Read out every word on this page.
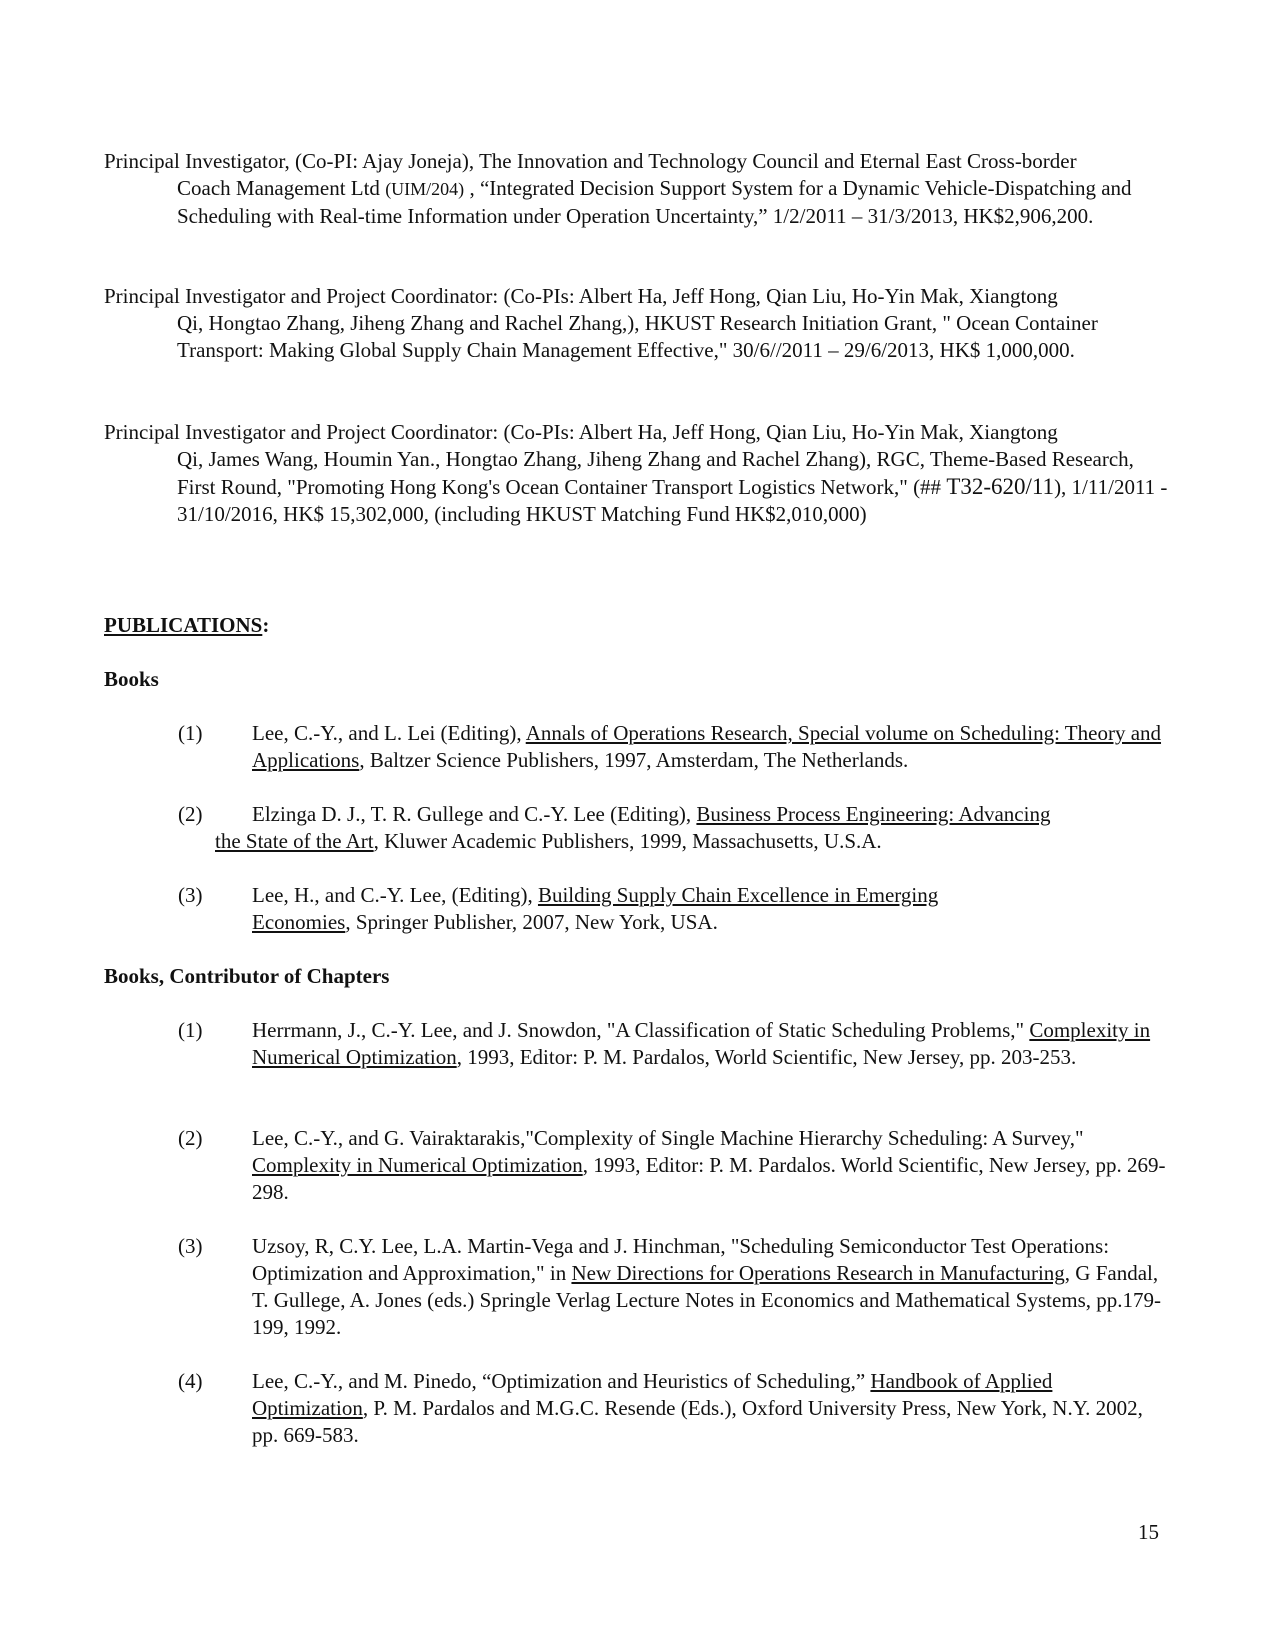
Principal Investigator, (Co-PI: Ajay Joneja), The Innovation and Technology Council and Eternal East Cross-border
Coach Management Ltd (UIM/204) , “Integrated Decision Support System for a Dynamic Vehicle-Dispatching and Scheduling with Real-time Information under Operation Uncertainty,” 1/2/2011 – 31/3/2013, HK$2,906,200.

Principal Investigator and Project Coordinator: (Co-PIs: Albert Ha, Jeff Hong, Qian Liu, Ho-Yin Mak, Xiangtong
Qi, Hongtao Zhang, Jiheng Zhang and Rachel Zhang,), HKUST Research Initiation Grant, " Ocean Container Transport: Making Global Supply Chain Management Effective," 30/6//2011 – 29/6/2013, HK$ 1,000,000.

Principal Investigator and Project Coordinator: (Co-PIs: Albert Ha, Jeff Hong, Qian Liu, Ho-Yin Mak, Xiangtong
Qi, James Wang, Houmin Yan., Hongtao Zhang, Jiheng Zhang and Rachel Zhang), RGC, Theme-Based Research, First Round, "Promoting Hong Kong's Ocean Container Transport Logistics Network," (## T32-620/11), 1/11/2011 - 31/10/2016, HK$ 15,302,000, (including HKUST Matching Fund HK$2,010,000)

PUBLICATIONS:

Books

(1)	Lee, C.-Y., and L. Lei (Editing), Annals of Operations Research, Special volume on Scheduling: Theory and Applications, Baltzer Science Publishers, 1997, Amsterdam, The Netherlands.
(2)	Elzinga D. J., T. R. Gullege and C.-Y. Lee (Editing), Business Process Engineering: Advancing
the State of the Art, Kluwer Academic Publishers, 1999, Massachusetts, U.S.A.
(3)	Lee, H., and C.-Y. Lee, (Editing), Building Supply Chain Excellence in Emerging Economies, Springer Publisher, 2007, New York, USA.

Books, Contributor of Chapters

(1)	Herrmann, J., C.-Y. Lee, and J. Snowdon, "A Classification of Static Scheduling Problems," Complexity in Numerical Optimization, 1993, Editor: P. M. Pardalos, World Scientific, New Jersey, pp. 203-253.
(2)	Lee, C.-Y., and G. Vairaktarakis,"Complexity of Single Machine Hierarchy Scheduling: A Survey," Complexity in Numerical Optimization, 1993, Editor: P. M. Pardalos. World Scientific, New Jersey, pp. 269-298.
(3)	Uzsoy, R, C.Y. Lee, L.A. Martin-Vega and J. Hinchman, "Scheduling Semiconductor Test Operations: Optimization and Approximation," in New Directions for Operations Research in Manufacturing, G Fandal, T. Gullege, A. Jones (eds.) Springle Verlag Lecture Notes in Economics and Mathematical Systems, pp.179-199, 1992.
(4)	Lee, C.-Y., and M. Pinedo, “Optimization and Heuristics of Scheduling,” Handbook of Applied Optimization, P. M. Pardalos and M.G.C. Resende (Eds.), Oxford University Press, New York, N.Y. 2002, pp. 669-583.
15
